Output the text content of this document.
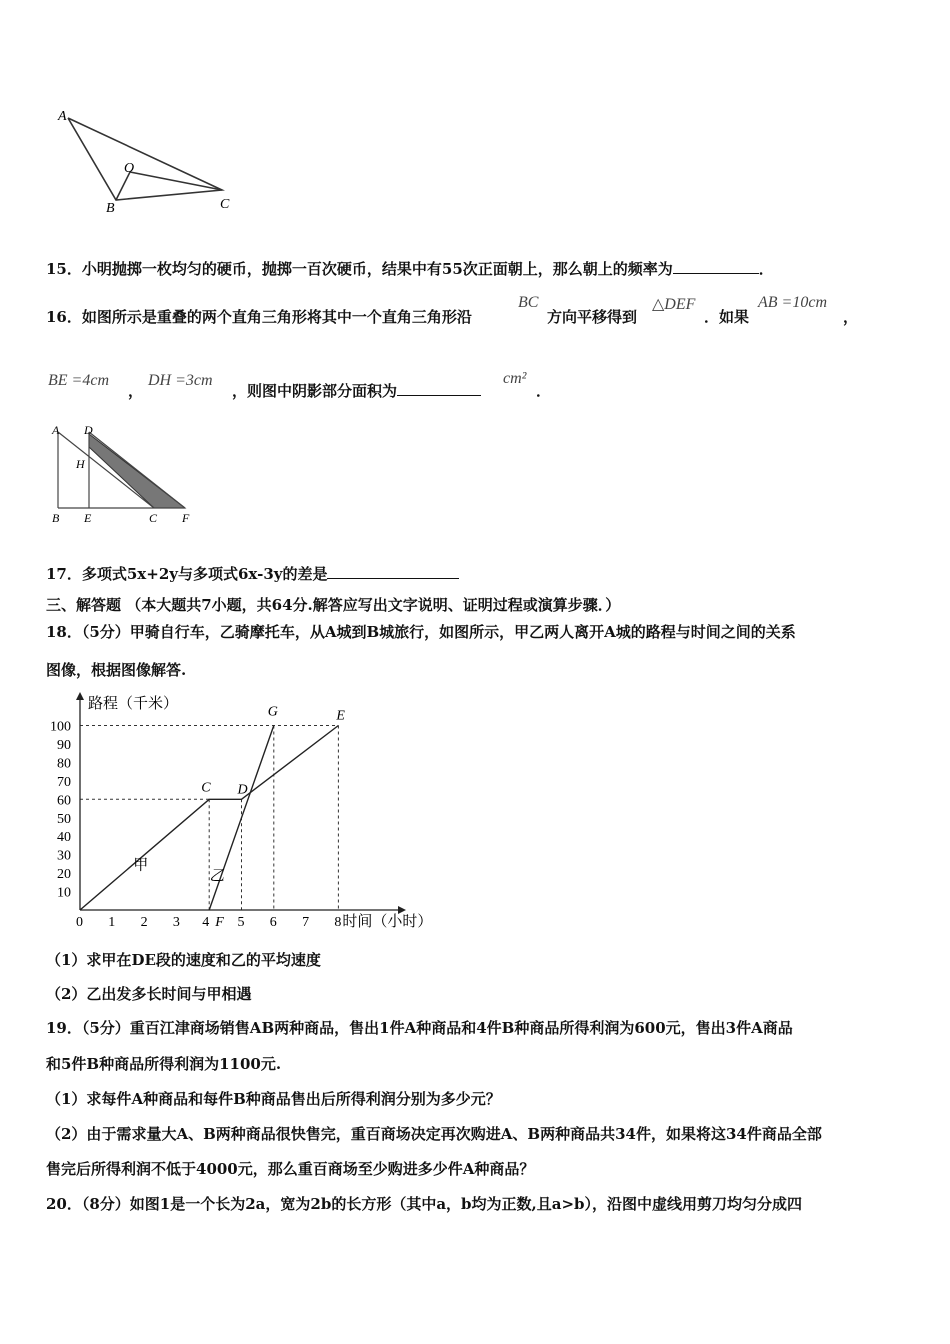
A
O
B	C
15．小明抛掷一枚均匀的硬币，抛掷一百次硬币，结果中有55次正面朝上，那么朝上的频率为	．
16．如图所示是重叠的两个直角三角形将其中一个直角三角形沿
BC
方向平移得到
△DEF
．如果
AB =10cm
，
BE =4cm
，
DH =3cm
，则图中阴影部分面积为
cm²
．
A D
H
B E	C F
17．多项式5x+2y与多项式6x-3y的差是
三、解答题 （本大题共7小题，共64分.解答应写出文字说明、证明过程或演算步骤．）
18．（5分）甲骑自行车，乙骑摩托车，从A城到B城旅行，如图所示，甲乙两人离开A城的路程与时间之间的关系
图像，根据图像解答.
0 1 2 3 4 5 6 7 8
10
20
30
40
50
60
70
80
90
100
路程（千米）
时间（小时）
甲
乙
C D
G	E
F
（1）求甲在DE段的速度和乙的平均速度
（2）乙出发多长时间与甲相遇
19．（5分）重百江津商场销售AB两种商品，售出1件A种商品和4件B种商品所得利润为600元，售出3件A商品
和5件B种商品所得利润为1100元.
（1）求每件A种商品和每件B种商品售出后所得利润分别为多少元？
（2）由于需求量大A、B两种商品很快售完，重百商场决定再次购进A、B两种商品共34件，如果将这34件商品全部
售完后所得利润不低于4000元，那么重百商场至少购进多少件A种商品？
20．（8分）如图1是一个长为2a，宽为2b的长方形（其中a，b均为正数,且a>b），沿图中虚线用剪刀均匀分成四
